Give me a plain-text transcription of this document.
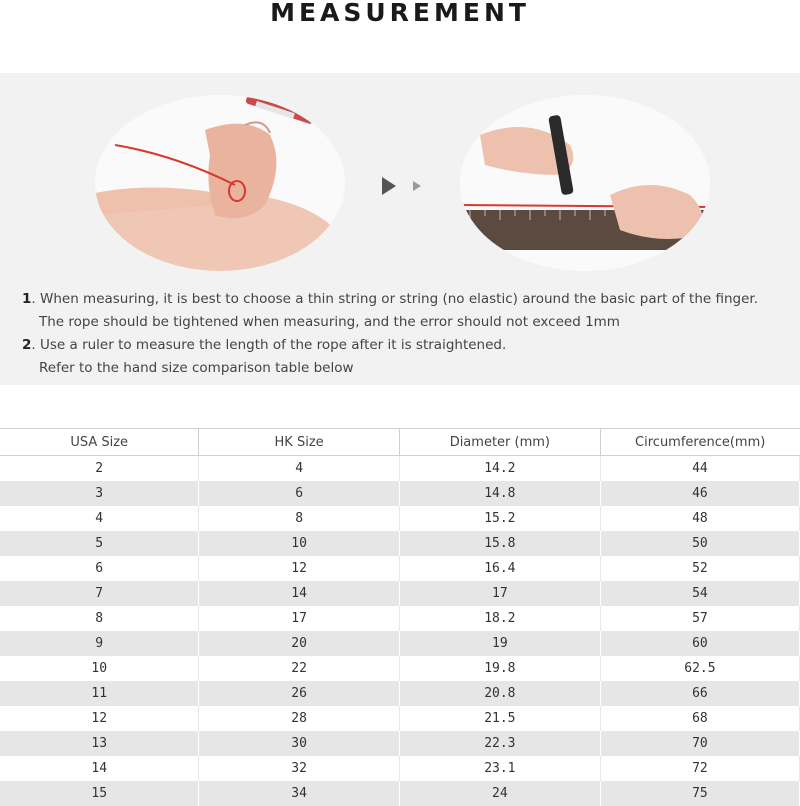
MEASUREMENT
1. When measuring, it is best to choose a thin string or string (no elastic) around the basic part of the finger.
The rope should be tightened when measuring, and the error should not exceed 1mm
2. Use a ruler to measure the length of the rope after it is straightened.
Refer to the hand size comparison table below
USA Size	HK Size	Diameter (mm)	Circumference(mm)
2	4	14.2	44
3	6	14.8	46
4	8	15.2	48
5	10	15.8	50
6	12	16.4	52
7	14	17	54
8	17	18.2	57
9	20	19	60
10	22	19.8	62.5
11	26	20.8	66
12	28	21.5	68
13	30	22.3	70
14	32	23.1	72
15	34	24	75
